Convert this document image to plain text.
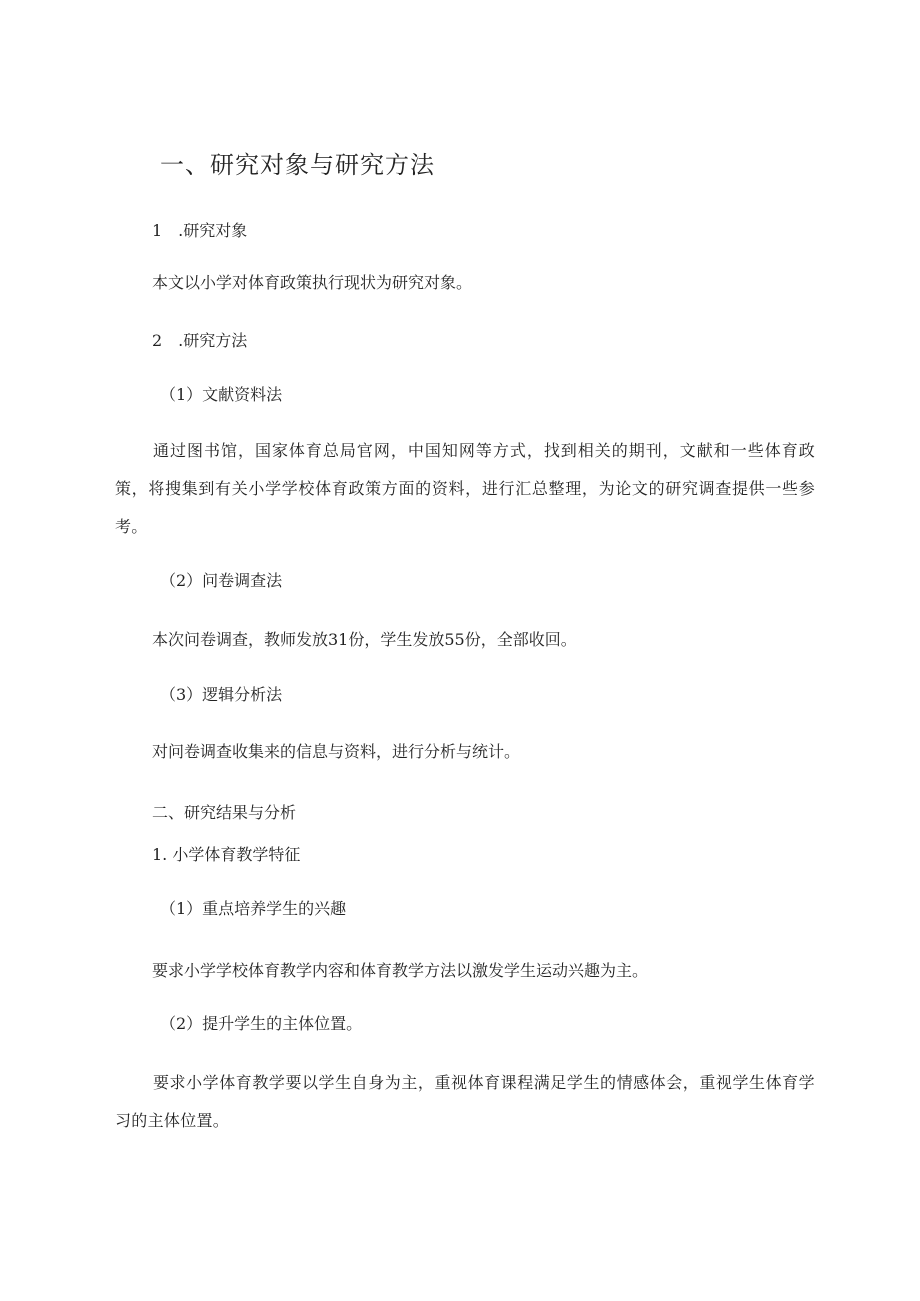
一、研究对象与研究方法
1　.研究对象
本文以小学对体育政策执行现状为研究对象。
2　.研究方法
（1）文献资料法
通过图书馆，国家体育总局官网，中国知网等方式，找到相关的期刊，文献和一些体育政策，将搜集到有关小学学校体育政策方面的资料，进行汇总整理，为论文的研究调查提供一些参考。
（2）问卷调查法
本次问卷调查，教师发放31份，学生发放55份，全部收回。
（3）逻辑分析法
对问卷调查收集来的信息与资料，进行分析与统计。
二、研究结果与分析
1. 小学体育教学特征
（1）重点培养学生的兴趣
要求小学学校体育教学内容和体育教学方法以激发学生运动兴趣为主。
（2）提升学生的主体位置。
要求小学体育教学要以学生自身为主，重视体育课程满足学生的情感体会，重视学生体育学习的主体位置。
